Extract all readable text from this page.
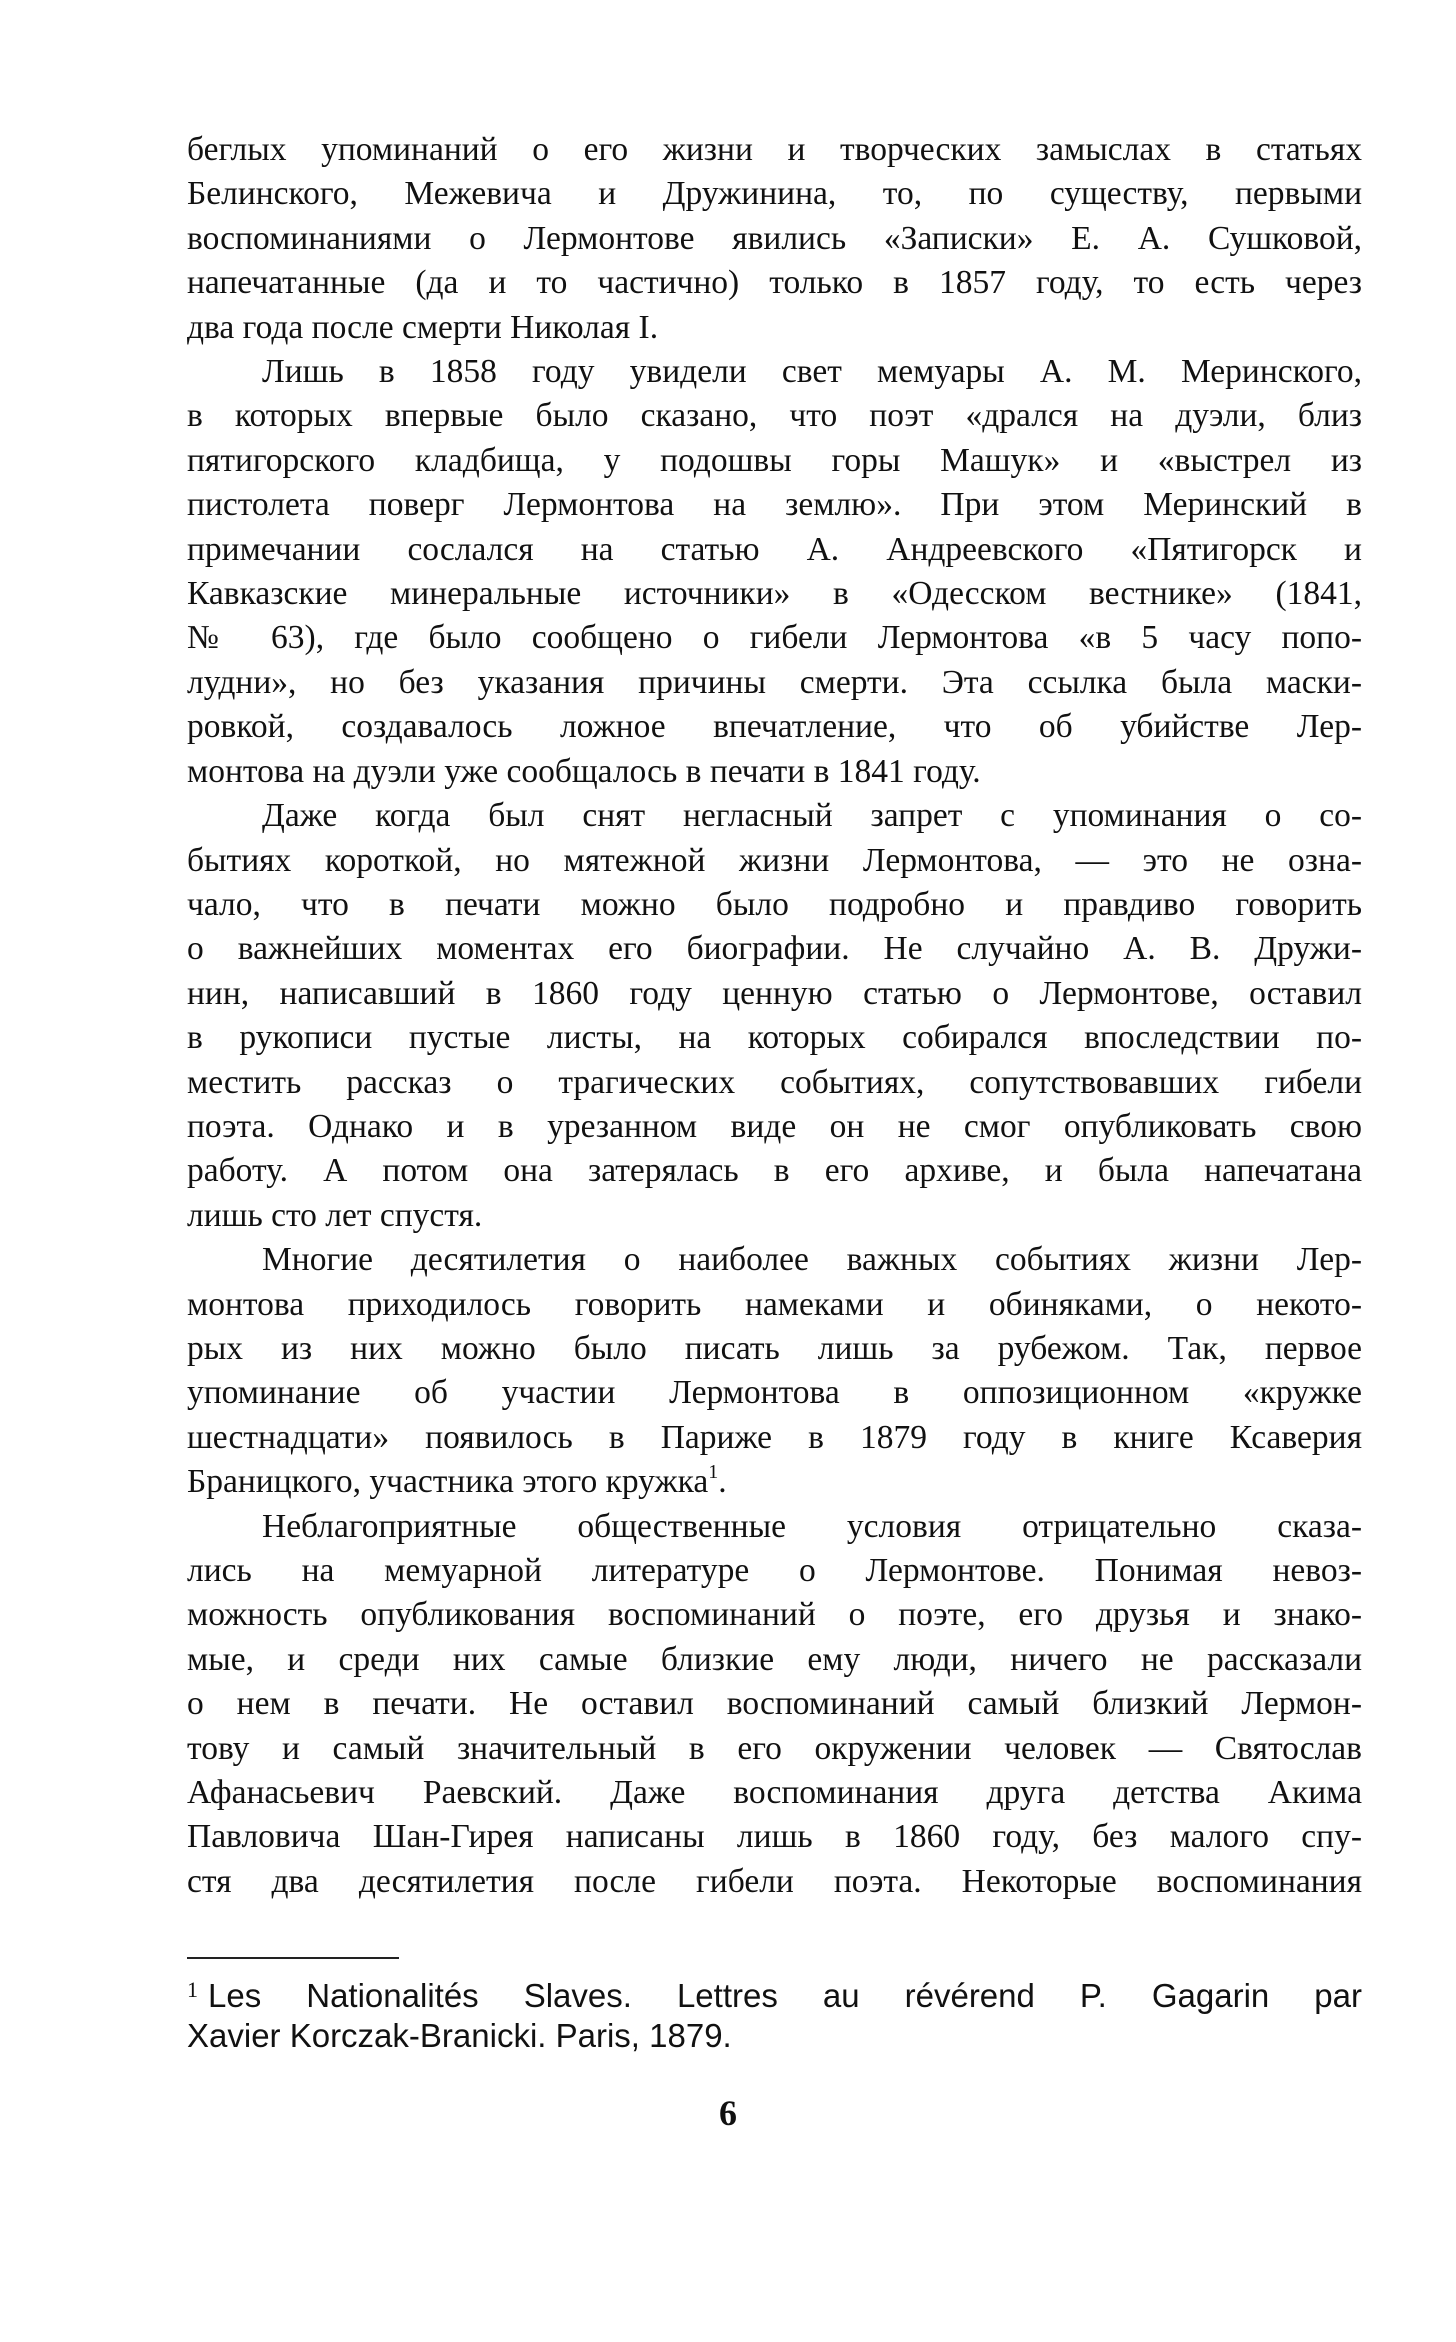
беглых упоминаний о его жизни и творческих замыслах в статьях
Белинского, Межевича и Дружинина, то, по существу, первыми
воспоминаниями о Лермонтове явились «Записки» Е. А. Сушковой,
напечатанные (да и то частично) только в 1857 году, то есть через
два года после смерти Николая I.

Лишь в 1858 году увидели свет мемуары А. М. Меринского,
в которых впервые было сказано, что поэт «дрался на дуэли, близ
пятигорского кладбища, у подошвы горы Машук» и «выстрел из
пистолета поверг Лермонтова на землю». При этом Меринский в
примечании сослался на статью А. Андреевского «Пятигорск и
Кавказские минеральные источники» в «Одесском вестнике» (1841,
№ 63), где было сообщено о гибели Лермонтова «в 5 часу попо-
лудни», но без указания причины смерти. Эта ссылка была маски-
ровкой, создавалось ложное впечатление, что об убийстве Лер-
монтова на дуэли уже сообщалось в печати в 1841 году.

Даже когда был снят негласный запрет с упоминания о со-
бытиях короткой, но мятежной жизни Лермонтова, — это не озна-
чало, что в печати можно было подробно и правдиво говорить
о важнейших моментах его биографии. Не случайно А. В. Дружи-
нин, написавший в 1860 году ценную статью о Лермонтове, оставил
в рукописи пустые листы, на которых собирался впоследствии по-
местить рассказ о трагических событиях, сопутствовавших гибели
поэта. Однако и в урезанном виде он не смог опубликовать свою
работу. А потом она затерялась в его архиве, и была напечатана
лишь сто лет спустя.

Многие десятилетия о наиболее важных событиях жизни Лер-
монтова приходилось говорить намеками и обиняками, о некото-
рых из них можно было писать лишь за рубежом. Так, первое
упоминание об участии Лермонтова в оппозиционном «кружке
шестнадцати» появилось в Париже в 1879 году в книге Ксаверия
Браницкого, участника этого кружка$^1$.

Неблагоприятные общественные условия отрицательно сказа-
лись на мемуарной литературе о Лермонтове. Понимая невоз-
можность опубликования воспоминаний о поэте, его друзья и знако-
мые, и среди них самые близкие ему люди, ничего не рассказали
о нем в печати. Не оставил воспоминаний самый близкий Лермон-
тову и самый значительный в его окружении человек — Святослав
Афанасьевич Раевский. Даже воспоминания друга детства Акима
Павловича Шан-Гирея написаны лишь в 1860 году, без малого спу-
стя два десятилетия после гибели поэта. Некоторые воспоминания

$^1$ Les Nationalités Slaves. Lettres au révérend P. Gagarin par
Xavier Korczak-Branicki. Paris, 1879.
6
